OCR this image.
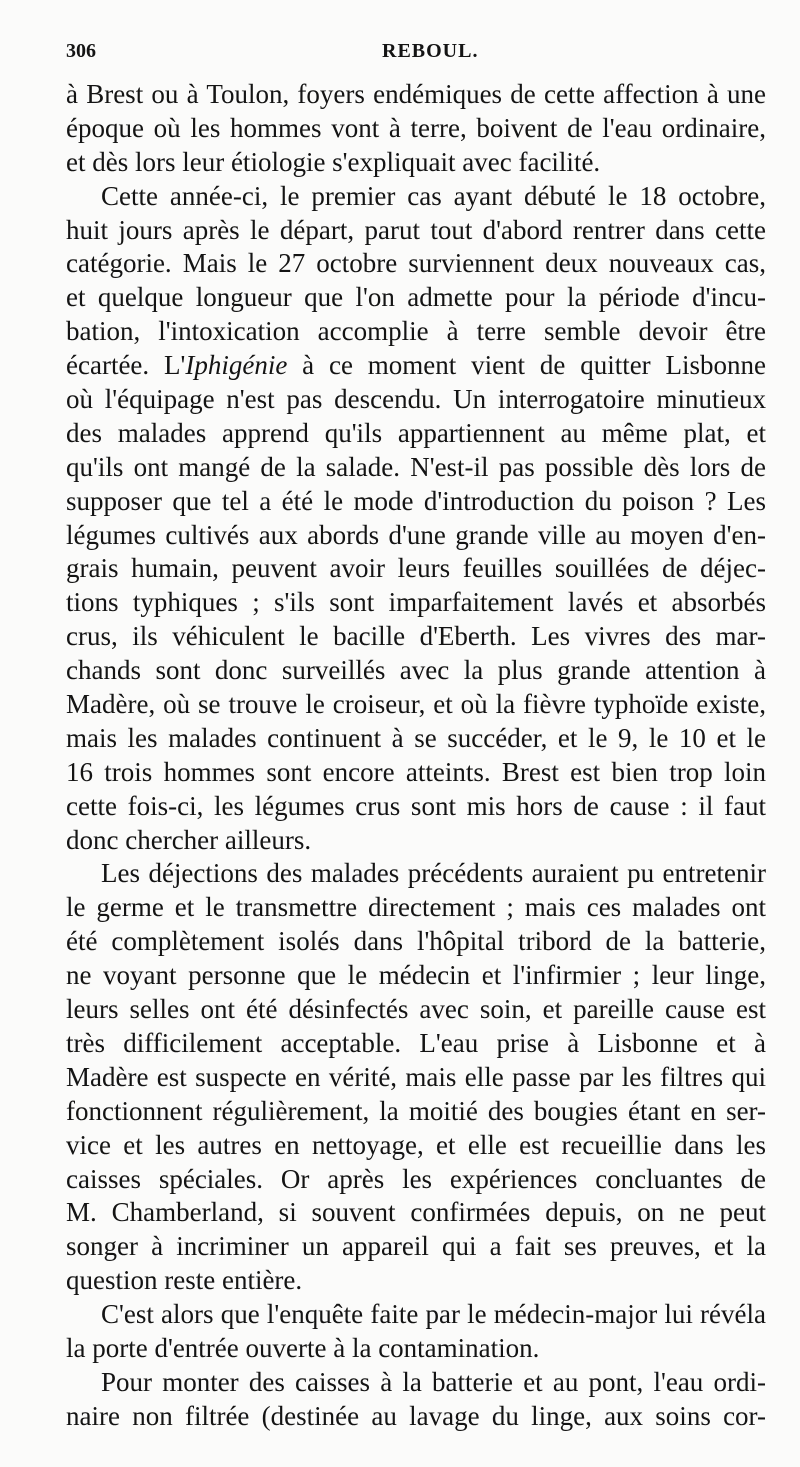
306	REBOUL.
à Brest ou à Toulon, foyers endémiques de cette affection à une
époque où les hommes vont à terre, boivent de l'eau ordinaire,
et dès lors leur étiologie s'expliquait avec facilité.
Cette année-ci, le premier cas ayant débuté le 18 octobre,
huit jours après le départ, parut tout d'abord rentrer dans cette
catégorie. Mais le 27 octobre surviennent deux nouveaux cas,
et quelque longueur que l'on admette pour la période d'incu-
bation, l'intoxication accomplie à terre semble devoir être
écartée. L'Iphigénie à ce moment vient de quitter Lisbonne
où l'équipage n'est pas descendu. Un interrogatoire minutieux
des malades apprend qu'ils appartiennent au même plat, et
qu'ils ont mangé de la salade. N'est-il pas possible dès lors de
supposer que tel a été le mode d'introduction du poison ? Les
légumes cultivés aux abords d'une grande ville au moyen d'en-
grais humain, peuvent avoir leurs feuilles souillées de déjec-
tions typhiques ; s'ils sont imparfaitement lavés et absorbés
crus, ils véhiculent le bacille d'Eberth. Les vivres des mar-
chands sont donc surveillés avec la plus grande attention à
Madère, où se trouve le croiseur, et où la fièvre typhoïde existe,
mais les malades continuent à se succéder, et le 9, le 10 et le
16 trois hommes sont encore atteints. Brest est bien trop loin
cette fois-ci, les légumes crus sont mis hors de cause : il faut
donc chercher ailleurs.
Les déjections des malades précédents auraient pu entretenir
le germe et le transmettre directement ; mais ces malades ont
été complètement isolés dans l'hôpital tribord de la batterie,
ne voyant personne que le médecin et l'infirmier ; leur linge,
leurs selles ont été désinfectés avec soin, et pareille cause est
très difficilement acceptable. L'eau prise à Lisbonne et à
Madère est suspecte en vérité, mais elle passe par les filtres qui
fonctionnent régulièrement, la moitié des bougies étant en ser-
vice et les autres en nettoyage, et elle est recueillie dans les
caisses spéciales. Or après les expériences concluantes de
M. Chamberland, si souvent confirmées depuis, on ne peut
songer à incriminer un appareil qui a fait ses preuves, et la
question reste entière.
C'est alors que l'enquête faite par le médecin-major lui révéla
la porte d'entrée ouverte à la contamination.
Pour monter des caisses à la batterie et au pont, l'eau ordi-
naire non filtrée (destinée au lavage du linge, aux soins cor-
